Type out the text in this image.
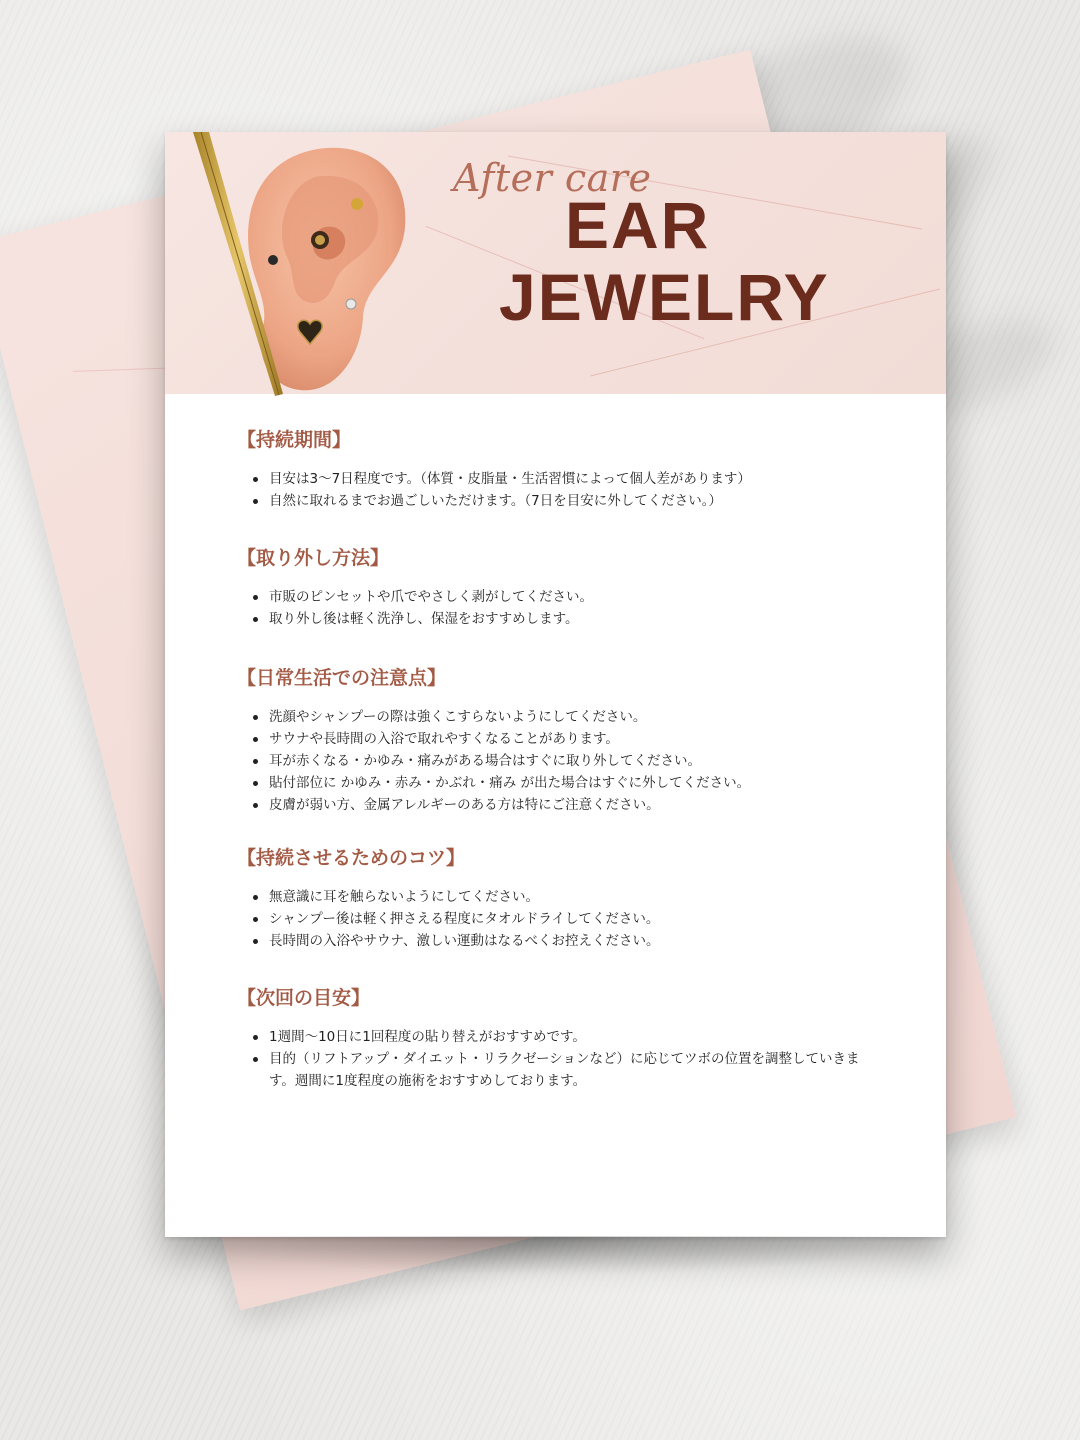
After care
EAR
JEWELRY
【持続期間】
目安は3〜7日程度です。（体質・皮脂量・生活習慣によって個人差があります）
自然に取れるまでお過ごしいただけます。（7日を目安に外してください。）
【取り外し方法】
市販のピンセットや爪でやさしく剥がしてください。
取り外し後は軽く洗浄し、保湿をおすすめします。
【日常生活での注意点】
洗顔やシャンプーの際は強くこすらないようにしてください。
サウナや長時間の入浴で取れやすくなることがあります。
耳が赤くなる・かゆみ・痛みがある場合はすぐに取り外してください。
貼付部位に かゆみ・赤み・かぶれ・痛み が出た場合はすぐに外してください。
皮膚が弱い方、金属アレルギーのある方は特にご注意ください。
【持続させるためのコツ】
無意識に耳を触らないようにしてください。
シャンプー後は軽く押さえる程度にタオルドライしてください。
長時間の入浴やサウナ、激しい運動はなるべくお控えください。
【次回の目安】
1週間〜10日に1回程度の貼り替えがおすすめです。
目的（リフトアップ・ダイエット・リラクゼーションなど）に応じてツボの位置を調整していきます。週間に1度程度の施術をおすすめしております。
